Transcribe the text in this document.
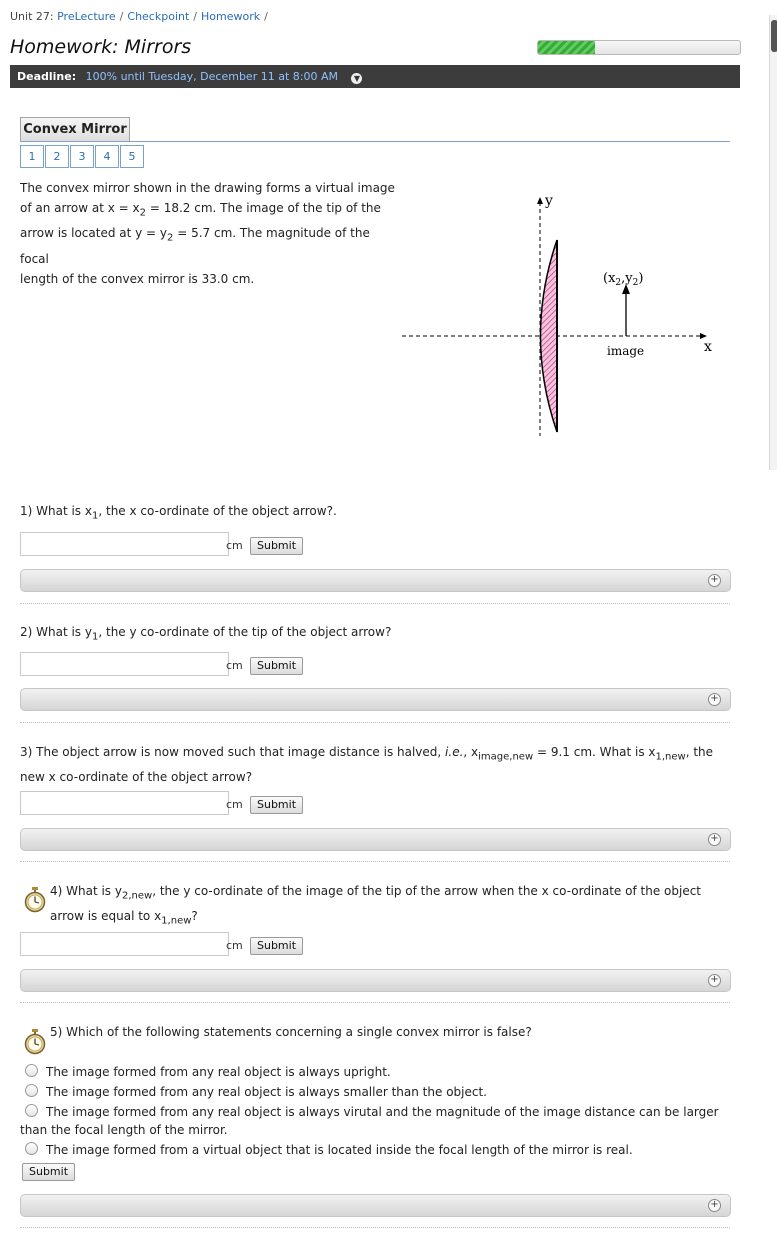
Unit 27: PreLecture / Checkpoint / Homework /
Homework: Mirrors
Deadline: 100% until Tuesday, December 11 at 8:00 AM ▼
Convex Mirror
1	2	3	4	5
The convex mirror shown in the drawing forms a virtual image
of an arrow at $x = x_2 = 18.2$ cm. The image of the tip of the
arrow is located at $y = y_2 = 5.7$ cm. The magnitude of the focal
length of the convex mirror is 33.0 cm.
y
x
$(x_2,y_2)$
image
1) What is $x_1$, the x co-ordinate of the object arrow?.
cm	Submit
+
2) What is $y_1$, the y co-ordinate of the tip of the object arrow?
cm	Submit
+
3) The object arrow is now moved such that image distance is halved, i.e., $x_{image,new} = 9.1$ cm. What is $x_{1,new}$, the new x co-ordinate of the object arrow?
cm	Submit
+
4) What is $y_{2,new}$, the y co-ordinate of the image of the tip of the arrow when the x co-ordinate of the object arrow is equal to $x_{1,new}$?
cm	Submit
+
5) Which of the following statements concerning a single convex mirror is false?
The image formed from any real object is always upright.
The image formed from any real object is always smaller than the object.
The image formed from any real object is always virutal and the magnitude of the image distance can be larger than the focal length of the mirror.
The image formed from a virtual object that is located inside the focal length of the mirror is real.
Submit
+
